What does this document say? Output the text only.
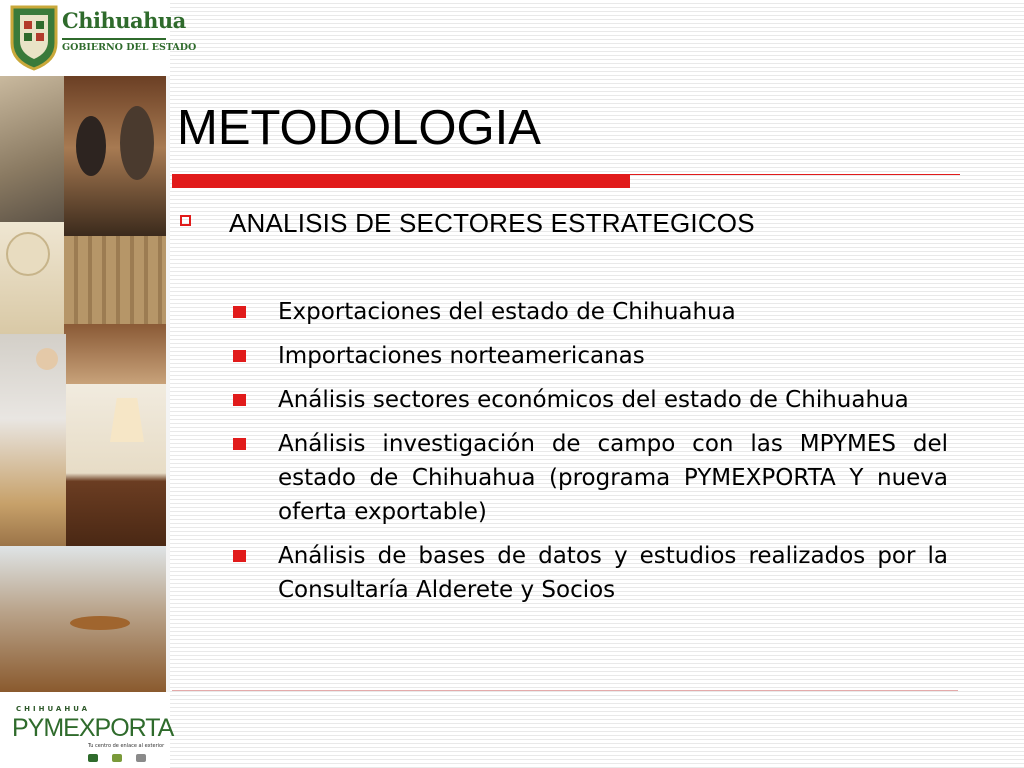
Chihuahua
GOBIERNO DEL ESTADO
CHIHUAHUA
PYMEXPORTA
Tu centro de enlace al exterior
METODOLOGIA
ANALISIS DE SECTORES ESTRATEGICOS
Exportaciones del estado de Chihuahua
Importaciones norteamericanas
Análisis sectores económicos del estado de Chihuahua
Análisis investigación de campo con las MPYMES del estado de Chihuahua (programa PYMEXPORTA Y nueva oferta exportable)
Análisis de bases de datos y estudios realizados por la Consultaría Alderete y Socios
